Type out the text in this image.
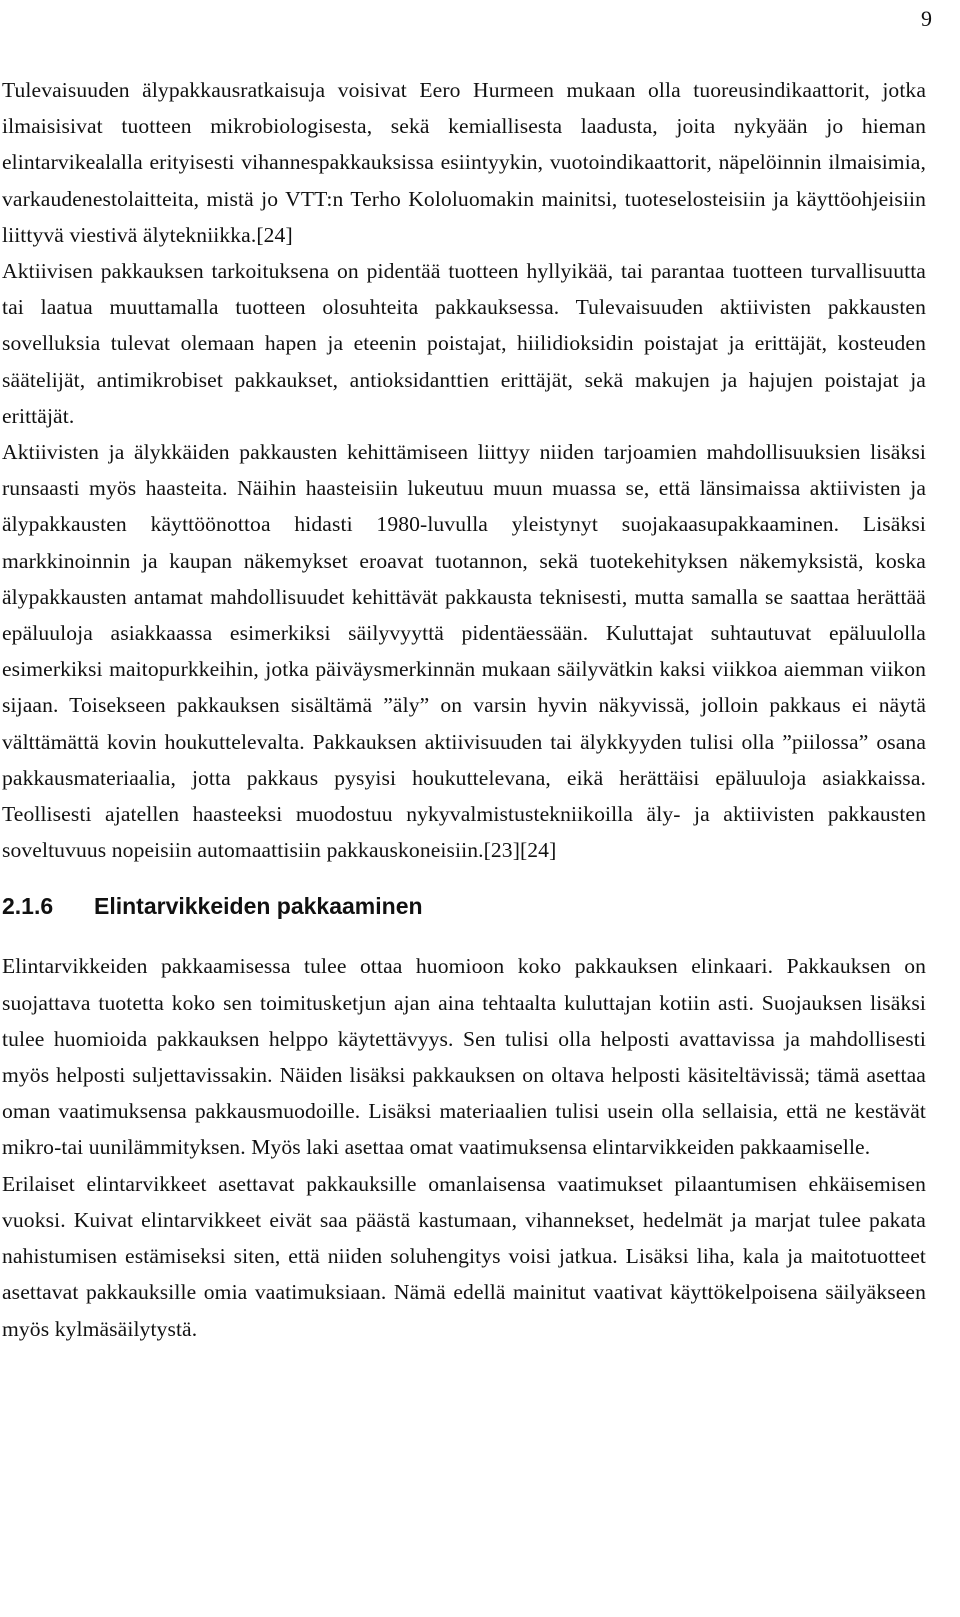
9

Tulevaisuuden älypakkausratkaisuja voisivat Eero Hurmeen mukaan olla tuoreusindikaattorit, jotka ilmaisisivat tuotteen mikrobiologisesta, sekä kemiallisesta laadusta, joita nykyään jo hieman elintarvikealalla erityisesti vihannespakkauksissa esiintyykin, vuotoindikaattorit, näpelöinnin ilmaisimia, varkaudenestolaitteita, mistä jo VTT:n Terho Kololuomakin mainitsi, tuoteselosteisiin ja käyttöohjeisiin liittyvä viestivä älytekniikka.[24]

Aktiivisen pakkauksen tarkoituksena on pidentää tuotteen hyllyikää, tai parantaa tuotteen turvallisuutta tai laatua muuttamalla tuotteen olosuhteita pakkauksessa. Tulevaisuuden aktiivisten pakkausten sovelluksia tulevat olemaan hapen ja eteenin poistajat, hiilidioksidin poistajat ja erittäjät, kosteuden säätelijät, antimikrobiset pakkaukset, antioksidanttien erittäjät, sekä makujen ja hajujen poistajat ja erittäjät.

Aktiivisten ja älykkäiden pakkausten kehittämiseen liittyy niiden tarjoamien mahdollisuuksien lisäksi runsaasti myös haasteita. Näihin haasteisiin lukeutuu muun muassa se, että länsimaissa aktiivisten ja älypakkausten käyttöönottoa hidasti 1980-luvulla yleistynyt suojakaasupakkaaminen. Lisäksi markkinoinnin ja kaupan näkemykset eroavat tuotannon, sekä tuotekehityksen näkemyksistä, koska älypakkausten antamat mahdollisuudet kehittävät pakkausta teknisesti, mutta samalla se saattaa herättää epäluuloja asiakkaassa esimerkiksi säilyvyyttä pidentäessään. Kuluttajat suhtautuvat epäluulolla esimerkiksi maitopurkkeihin, jotka päiväysmerkinnän mukaan säilyvätkin kaksi viikkoa aiemman viikon sijaan. Toisekseen pakkauksen sisältämä ”äly” on varsin hyvin näkyvissä, jolloin pakkaus ei näytä välttämättä kovin houkuttelevalta. Pakkauksen aktiivisuuden tai älykkyyden tulisi olla ”piilossa” osana pakkausmateriaalia, jotta pakkaus pysyisi houkuttelevana, eikä herättäisi epäluuloja asiakkaissa. Teollisesti ajatellen haasteeksi muodostuu nykyvalmistustekniikoilla äly- ja aktiivisten pakkausten soveltuvuus nopeisiin automaattisiin pakkauskoneisiin.[23][24]

2.1.6	Elintarvikkeiden pakkaaminen

Elintarvikkeiden pakkaamisessa tulee ottaa huomioon koko pakkauksen elinkaari. Pakkauksen on suojattava tuotetta koko sen toimitusketjun ajan aina tehtaalta kuluttajan kotiin asti. Suojauksen lisäksi tulee huomioida pakkauksen helppo käytettävyys. Sen tulisi olla helposti avattavissa ja mahdollisesti myös helposti suljettavissakin. Näiden lisäksi pakkauksen on oltava helposti käsiteltävissä; tämä asettaa oman vaatimuksensa pakkausmuodoille. Lisäksi materiaalien tulisi usein olla sellaisia, että ne kestävät mikro-tai uunilämmityksen. Myös laki asettaa omat vaatimuksensa elintarvikkeiden pakkaamiselle.

Erilaiset elintarvikkeet asettavat pakkauksille omanlaisensa vaatimukset pilaantumisen ehkäisemisen vuoksi. Kuivat elintarvikkeet eivät saa päästä kastumaan, vihannekset, hedelmät ja marjat tulee pakata nahistumisen estämiseksi siten, että niiden soluhengitys voisi jatkua. Lisäksi liha, kala ja maitotuotteet asettavat pakkauksille omia vaatimuksiaan. Nämä edellä mainitut vaativat käyttökelpoisena säilyäkseen myös kylmäsäilytystä.
